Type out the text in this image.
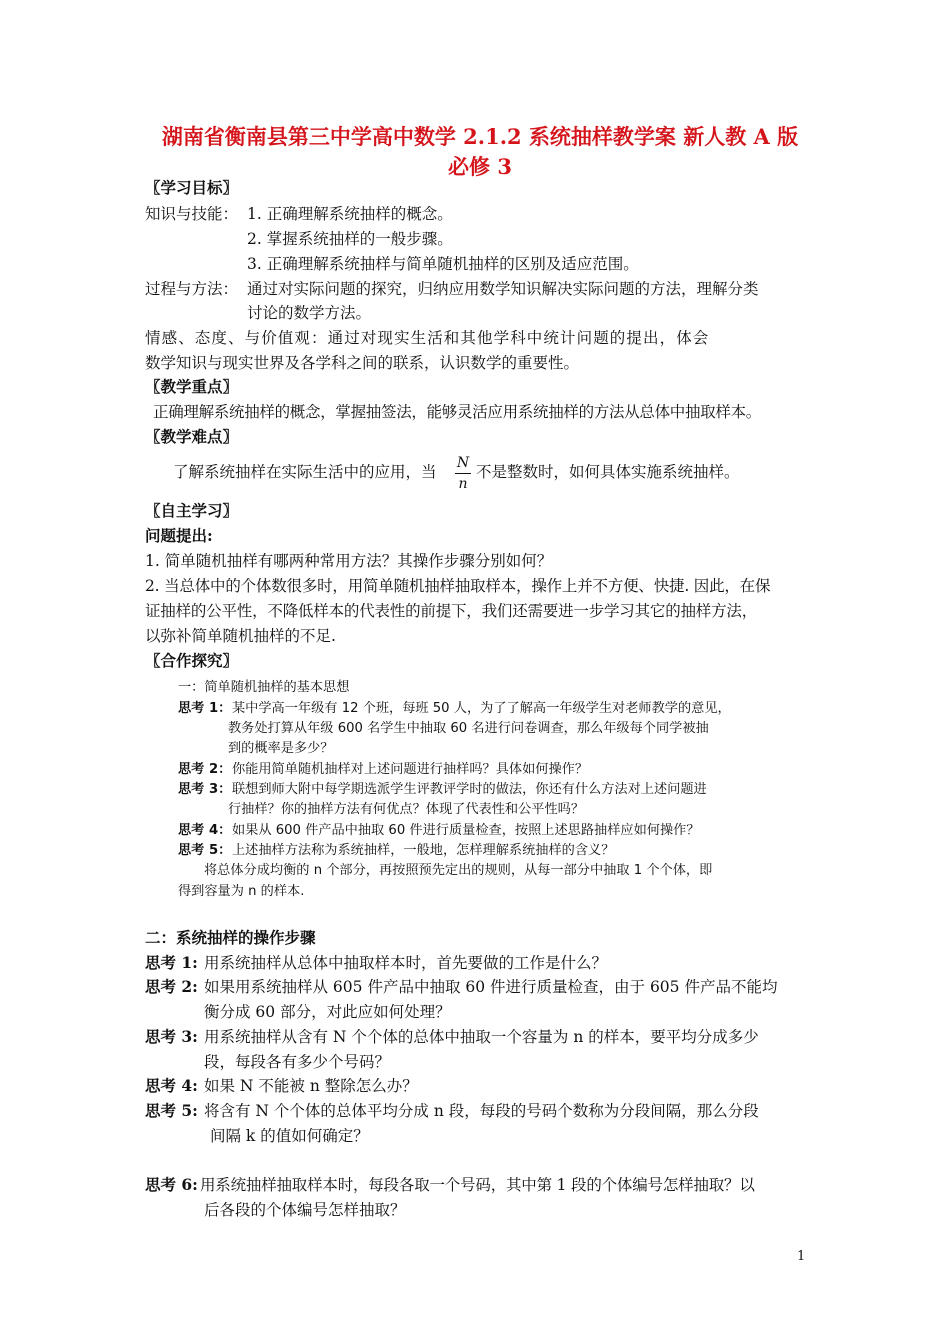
湖南省衡南县第三中学高中数学 2.1.2 系统抽样教学案 新人教 A 版
必修 3
〖学习目标〗
知识与技能： 1. 正确理解系统抽样的概念。
2. 掌握系统抽样的一般步骤。
3. 正确理解系统抽样与简单随机抽样的区别及适应范围。
过程与方法： 通过对实际问题的探究，归纳应用数学知识解决实际问题的方法，理解分类
讨论的数学方法。
情感、态度、与价值观：通过对现实生活和其他学科中统计问题的提出，体会
数学知识与现实世界及各学科之间的联系，认识数学的重要性。
〖教学重点〗
正确理解系统抽样的概念，掌握抽签法，能够灵活应用系统抽样的方法从总体中抽取样本。
〖教学难点〗
了解系统抽样在实际生活中的应用，当 N
n
不是整数时，如何具体实施系统抽样。
〖自主学习〗
问题提出:
1. 简单随机抽样有哪两种常用方法？其操作步骤分别如何？
2. 当总体中的个体数很多时，用简单随机抽样抽取样本，操作上并不方便、快捷. 因此，在保
证抽样的公平性，不降低样本的代表性的前提下，我们还需要进一步学习其它的抽样方法，
以弥补简单随机抽样的不足.
〖合作探究〗
一：简单随机抽样的基本思想
思考 1： 某中学高一年级有 12 个班，每班 50 人，为了了解高一年级学生对老师教学的意见，
教务处打算从年级 600 名学生中抽取 60 名进行问卷调查，那么年级每个同学被抽
到的概率是多少？
思考 2： 你能用简单随机抽样对上述问题进行抽样吗？具体如何操作？
思考 3： 联想到师大附中每学期选派学生评教评学时的做法，你还有什么方法对上述问题进
行抽样？你的抽样方法有何优点？体现了代表性和公平性吗？
思考 4： 如果从 600 件产品中抽取 60 件进行质量检查，按照上述思路抽样应如何操作？
思考 5： 上述抽样方法称为系统抽样，一般地，怎样理解系统抽样的含义？
将总体分成均衡的 n 个部分，再按照预先定出的规则，从每一部分中抽取 1 个个体，即
得到容量为 n 的样本.
二：系统抽样的操作步骤
思考 1: 用系统抽样从总体中抽取样本时，首先要做的工作是什么？
思考 2: 如果用系统抽样从 605 件产品中抽取 60 件进行质量检查，由于 605 件产品不能均
衡分成 60 部分，对此应如何处理？
思考 3: 用系统抽样从含有 N 个个体的总体中抽取一个容量为 n 的样本，要平均分成多少
段，每段各有多少个号码？
思考 4: 如果 N 不能被 n 整除怎么办？
思考 5: 将含有 N 个个体的总体平均分成 n 段，每段的号码个数称为分段间隔，那么分段
间隔 k 的值如何确定？
思考 6: 用系统抽样抽取样本时，每段各取一个号码，其中第 1 段的个体编号怎样抽取？以
后各段的个体编号怎样抽取？
1
